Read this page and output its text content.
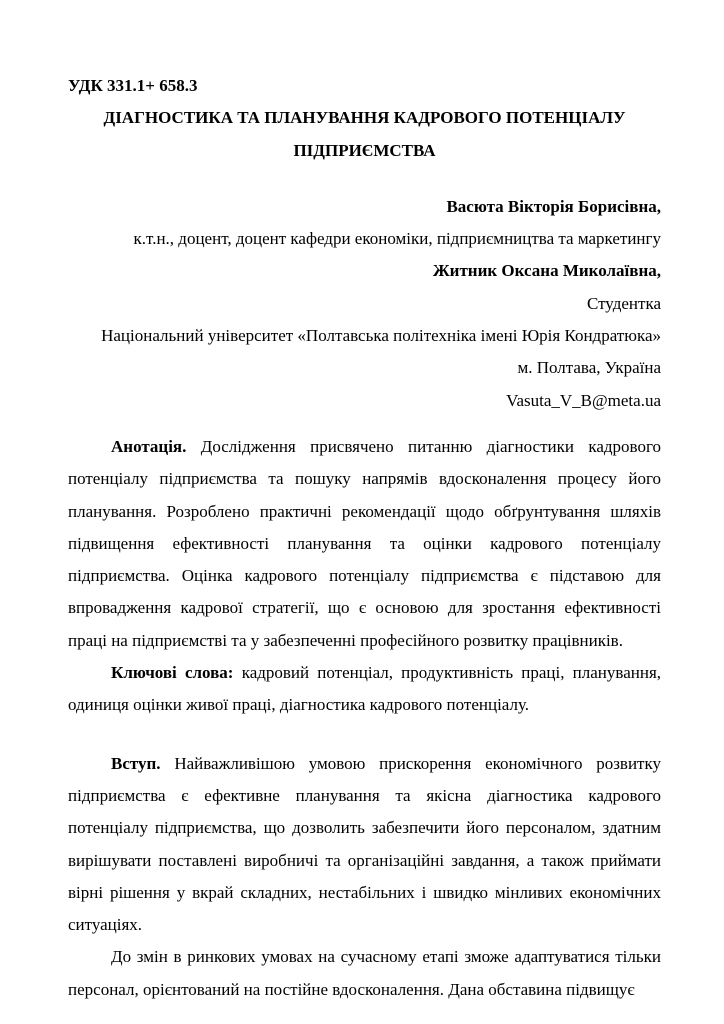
УДК 331.1+ 658.3
ДІАГНОСТИКА ТА ПЛАНУВАННЯ КАДРОВОГО ПОТЕНЦІАЛУ ПІДПРИЄМСТВА
Васюта Вікторія Борисівна,
к.т.н., доцент, доцент кафедри економіки, підприємництва та маркетингу
Житник Оксана Миколаївна,
Студентка
Національний університет «Полтавська політехніка імені Юрія Кондратюка»
м. Полтава, Україна
Vasuta_V_B@meta.ua

Анотація. Дослідження присвячено питанню діагностики кадрового потенціалу підприємства та пошуку напрямів вдосконалення процесу його планування. Розроблено практичні рекомендації щодо обґрунтування шляхів підвищення ефективності планування та оцінки кадрового потенціалу підприємства. Оцінка кадрового потенціалу підприємства є підставою для впровадження кадрової стратегії, що є основою для зростання ефективності праці на підприємстві та у забезпеченні професійного розвитку працівників.

Ключові слова: кадровий потенціал, продуктивність праці, планування, одиниця оцінки живої праці, діагностика кадрового потенціалу.

Вступ. Найважливішою умовою прискорення економічного розвитку підприємства є ефективне планування та якісна діагностика кадрового потенціалу підприємства, що дозволить забезпечити його персоналом, здатним вирішувати поставлені виробничі та організаційні завдання, а також приймати вірні рішення у вкрай складних, нестабільних і швидко мінливих економічних ситуаціях.

До змін в ринкових умовах на сучасному етапі зможе адаптуватися тільки персонал, орієнтований на постійне вдосконалення. Дана обставина підвищує
